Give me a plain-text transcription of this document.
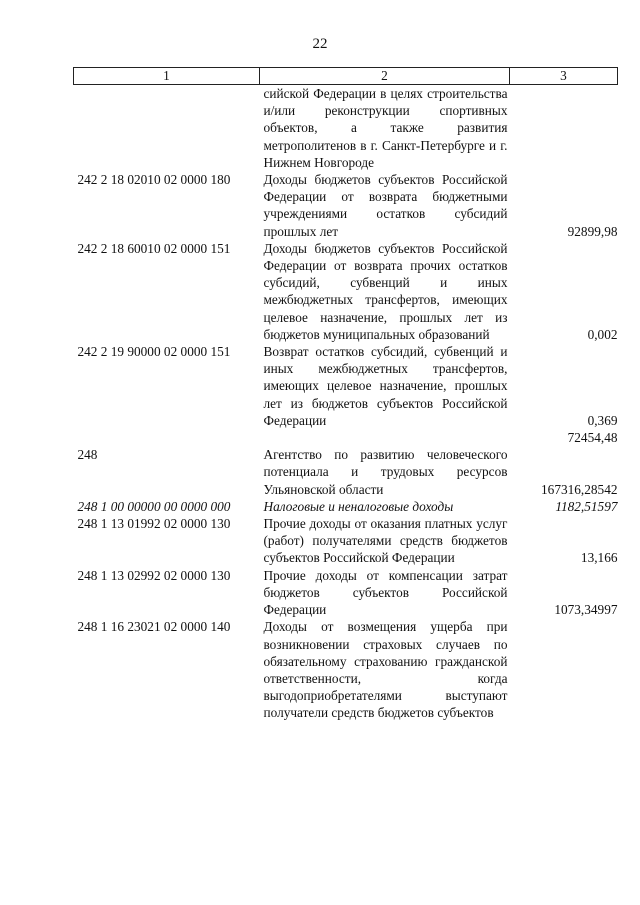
22
1	2	3
	сийской Федерации в целях строительства и/или реконструкции спортивных объектов, а также развития метрополитенов в г. Санкт-Петербурге и г. Нижнем Новгороде	
242 2 18 02010 02 0000 180	Доходы бюджетов субъектов Российской Федерации от возврата бюджетными учреждениями остатков субсидий прошлых лет	92899,98
242 2 18 60010 02 0000 151	Доходы бюджетов субъектов Российской Федерации от возврата прочих остатков субсидий, субвенций и иных межбюджетных трансфертов, имеющих целевое назначение, прошлых лет из бюджетов муниципальных образований	0,002
242 2 19 90000 02 0000 151	Возврат остатков субсидий, субвенций и иных межбюджетных трансфертов, имеющих целевое назначение, прошлых лет из бюджетов субъектов Российской Федерации	0,369
		72454,48
248	Агентство по развитию человеческого потенциала и трудовых ресурсов Ульяновской области	167316,28542
248 1 00 00000 00 0000 000	Налоговые и неналоговые доходы	1182,51597
248 1 13 01992 02 0000 130	Прочие доходы от оказания платных услуг (работ) получателями средств бюджетов субъектов Российской Федерации	13,166
248 1 13 02992 02 0000 130	Прочие доходы от компенсации затрат бюджетов субъектов Российской Федерации	1073,34997
248 1 16 23021 02 0000 140	Доходы от возмещения ущерба при возникновении страховых случаев по обязательному страхованию гражданской ответственности, когда выгодоприобретателями выступают получатели средств бюджетов субъектов	
